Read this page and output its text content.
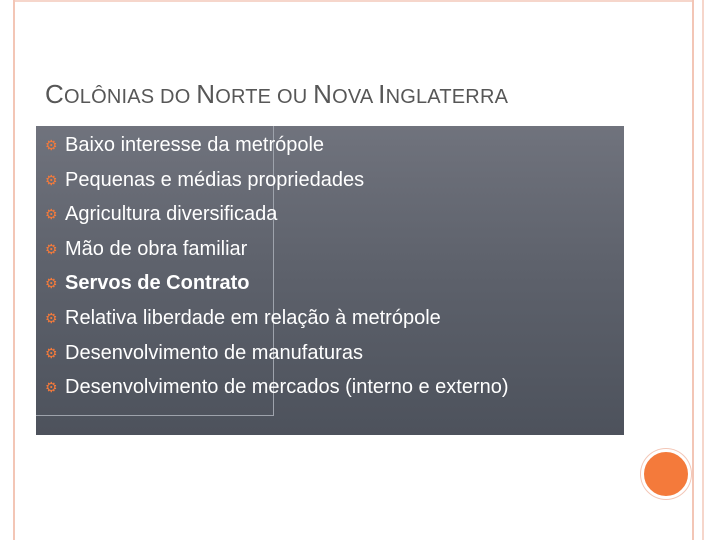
COLÔNIAS DO NORTE OU NOVA INGLATERRA
⚙ Baixo interesse da metrópole
⚙ Pequenas e médias propriedades
⚙ Agricultura diversificada
⚙ Mão de obra familiar
⚙ Servos de Contrato
⚙ Relativa liberdade em relação à metrópole
⚙ Desenvolvimento de manufaturas
⚙ Desenvolvimento de mercados (interno e externo)
